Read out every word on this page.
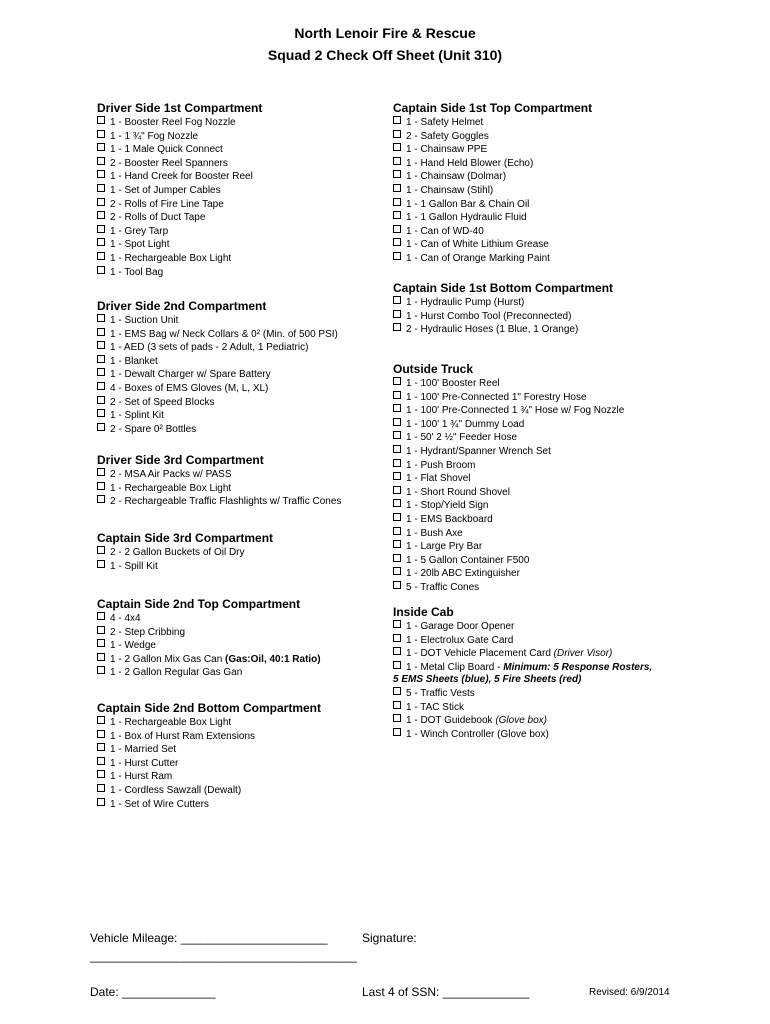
North Lenoir Fire & Rescue
Squad 2 Check Off Sheet (Unit 310)
Driver Side 1st Compartment
1 - Booster Reel Fog Nozzle
1 - 1 ¾" Fog Nozzle
1 - 1 Male Quick Connect
2 - Booster Reel Spanners
1 - Hand Creek for Booster Reel
1 - Set of Jumper Cables
2 - Rolls of Fire Line Tape
2 - Rolls of Duct Tape
1 - Grey Tarp
1 - Spot Light
1 - Rechargeable Box Light
1 - Tool Bag
Driver Side 2nd Compartment
1 - Suction Unit
1 - EMS Bag w/ Neck Collars & 0² (Min. of 500 PSI)
1 - AED (3 sets of pads - 2 Adult, 1 Pediatric)
1 - Blanket
1 - Dewalt Charger w/ Spare Battery
4 - Boxes of EMS Gloves (M, L, XL)
2 - Set of Speed Blocks
1 - Splint Kit
2 - Spare 0² Bottles
Driver Side 3rd Compartment
2 - MSA Air Packs w/ PASS
1 - Rechargeable Box Light
2 - Rechargeable Traffic Flashlights w/ Traffic Cones
Captain Side 3rd Compartment
2 - 2 Gallon Buckets of Oil Dry
1 - Spill Kit
Captain Side 2nd Top Compartment
4 - 4x4
2 - Step Cribbing
1 - Wedge
1 - 2 Gallon Mix Gas Can (Gas:Oil, 40:1 Ratio)
1 - 2 Gallon Regular Gas Gan
Captain Side 2nd Bottom Compartment
1 - Rechargeable Box Light
1 - Box of Hurst Ram Extensions
1 - Married Set
1 - Hurst Cutter
1 - Hurst Ram
1 - Cordless Sawzall (Dewalt)
1 - Set of Wire Cutters
Captain Side 1st Top Compartment
1 - Safety Helmet
2 - Safety Goggles
1 - Chainsaw PPE
1 - Hand Held Blower (Echo)
1 - Chainsaw (Dolmar)
1 - Chainsaw (Stihl)
1 - 1 Gallon Bar & Chain Oil
1 - 1 Gallon Hydraulic Fluid
1 - Can of WD-40
1 - Can of White Lithium Grease
1 - Can of Orange Marking Paint
Captain Side 1st Bottom Compartment
1 - Hydraulic Pump (Hurst)
1 - Hurst Combo Tool (Preconnected)
2 - Hydraulic Hoses (1 Blue, 1 Orange)
Outside Truck
1 - 100' Booster Reel
1 - 100' Pre-Connected 1" Forestry Hose
1 - 100' Pre-Connected 1 ¾" Hose w/ Fog Nozzle
1 - 100' 1 ¾" Dummy Load
1 - 50' 2 ½" Feeder Hose
1 - Hydrant/Spanner Wrench Set
1 - Push Broom
1 - Flat Shovel
1 - Short Round Shovel
1 - Stop/Yield Sign
1 - EMS Backboard
1 - Bush Axe
1 - Large Pry Bar
1 - 5 Gallon Container F500
1 - 20lb ABC Extinguisher
5 - Traffic Cones
Inside Cab
1 - Garage Door Opener
1 - Electrolux Gate Card
1 - DOT Vehicle Placement Card (Driver Visor)
1 - Metal Clip Board - Minimum: 5 Response Rosters, 5 EMS Sheets (blue), 5 Fire Sheets (red)
5 - Traffic Vests
1 - TAC Stick
1 - DOT Guidebook (Glove box)
1 - Winch Controller (Glove box)
Vehicle Mileage: ______________________
________________________________________
Signature:
Date: ______________	Last 4 of SSN: _____________	Revised: 6/9/2014
